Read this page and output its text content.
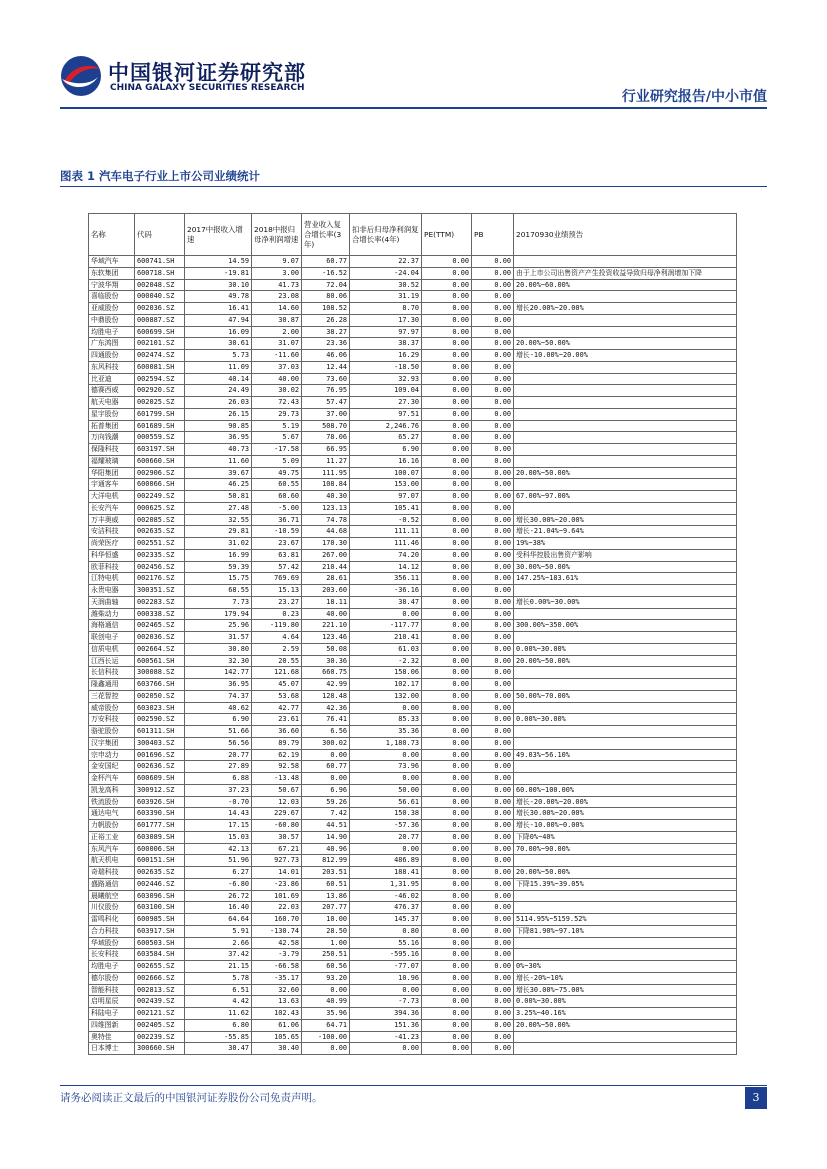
中国银河证券研究部
CHINA GALAXY SECURITIES RESEARCH
行业研究报告/中小市值
图表 1 汽车电子行业上市公司业绩统计
名称	代码	2017中报收入增速	2018中报归母净利润增速	营业收入复合增长率(3年)	扣非后归母净利润复合增长率(4年)	PE(TTM)	PB	20170930业绩预告
华域汽车	600741.SH	14.59	9.07	60.77	22.37	0.00	0.00	
东软集团	600718.SH	-19.81	3.00	-16.52	-24.04	0.00	0.00	由于上市公司出售资产产生投资收益导致归母净利润增加下降
宁波华翔	002048.SZ	30.10	41.73	72.04	30.52	0.00	0.00	20.00%~60.00%
喜临股份	000040.SZ	49.78	23.08	80.06	31.19	0.00	0.00	
亚威股份	002036.SZ	16.41	14.60	108.52	8.70	0.00	0.00	增长20.00%~20.00%
中鼎股份	000887.SZ	47.94	30.87	26.28	17.30	0.00	0.00	
均胜电子	600699.SH	16.09	2.00	38.27	97.97	0.00	0.00	
广东鸿图	002101.SZ	30.61	31.07	23.36	38.37	0.00	0.00	20.00%~50.00%
四通股份	002474.SZ	5.73	-11.60	46.06	16.29	0.00	0.00	增长-10.00%~20.00%
东风科技	600081.SH	11.09	37.03	12.44	-18.50	0.00	0.00	
比亚迪	002594.SZ	40.14	40.00	73.60	32.93	0.00	0.00	
德赛西威	002920.SZ	24.49	30.02	76.95	109.04	0.00	0.00	
航天电器	002025.SZ	26.03	72.43	57.47	27.30	0.00	0.00	
星宇股份	601799.SH	26.15	29.73	37.00	97.51	0.00	0.00	
拓普集团	601689.SH	90.85	5.19	508.70	2,246.76	0.00	0.00	
万向钱潮	000559.SZ	36.95	5.67	78.06	65.27	0.00	0.00	
保隆科技	603197.SH	40.73	-17.58	66.95	6.90	0.00	0.00	
福耀玻璃	600660.SH	11.60	5.09	11.27	16.16	0.00	0.00	
华阳集团	002906.SZ	39.67	49.75	111.95	100.07	0.00	0.00	20.00%~50.00%
宇通客车	600066.SH	46.25	60.55	108.84	153.00	0.00	0.00	
大洋电机	002249.SZ	50.81	60.60	40.30	97.07	0.00	0.00	67.00%~97.00%
长安汽车	000625.SZ	27.48	-5.00	123.13	105.41	0.00	0.00	
万丰奥威	002085.SZ	32.55	36.71	74.78	-0.52	0.00	0.00	增长30.00%~20.00%
安洁科技	002635.SZ	29.81	-10.59	44.68	111.11	0.00	0.00	增长-21.04%~9.64%
尚荣医疗	002551.SZ	31.02	23.67	170.30	111.46	0.00	0.00	19%~38%
科华恒盛	002335.SZ	16.99	63.81	267.00	74.20	0.00	0.00	受科华控股出售资产影响
欧菲科技	002456.SZ	59.39	57.42	210.44	14.12	0.00	0.00	30.00%~50.00%
江特电机	002176.SZ	15.75	769.69	28.61	356.11	0.00	0.00	147.25%~183.61%
永贵电器	300351.SZ	68.55	15.13	203.60	-36.16	0.00	0.00	
天润曲轴	002283.SZ	7.73	23.27	18.11	38.47	0.00	0.00	增长0.00%~30.00%
潍柴动力	000338.SZ	179.94	0.23	40.00	0.00	0.00	0.00	
海格通信	002465.SZ	25.96	-119.80	221.10	-117.77	0.00	0.00	300.00%~350.00%
联创电子	002036.SZ	31.57	4.64	123.46	210.41	0.00	0.00	
信质电机	002664.SZ	30.80	2.59	50.08	61.03	0.00	0.00	0.00%~30.00%
江西长运	600561.SH	32.30	20.55	30.36	-2.32	0.00	0.00	20.00%~50.00%
长信科技	300088.SZ	142.77	121.68	660.75	158.06	0.00	0.00	
隆鑫通用	603766.SH	36.95	45.07	42.99	102.17	0.00	0.00	
三花智控	002050.SZ	74.37	53.68	128.48	132.00	0.00	0.00	50.00%~70.00%
威帝股份	603023.SH	40.62	42.77	42.36	0.00	0.00	0.00	
万安科技	002590.SZ	6.90	23.61	76.41	85.33	0.00	0.00	0.00%~30.00%
骆驼股份	601311.SH	51.66	36.60	6.56	35.36	0.00	0.00	
汉宇集团	300403.SZ	56.56	89.79	300.02	1,180.73	0.00	0.00	
宗申动力	001696.SZ	20.77	62.19	0.00	0.00	0.00	0.00	49.03%~56.10%
金安国纪	002636.SZ	27.89	92.58	60.77	73.96	0.00	0.00	
金杯汽车	600609.SH	6.88	-13.48	0.00	0.00	0.00	0.00	
凯龙高科	300912.SZ	37.23	50.67	6.96	50.00	0.00	0.00	60.00%~100.00%
铁流股份	603926.SH	-0.70	12.03	59.26	56.61	0.00	0.00	增长-20.00%~20.00%
通达电气	603390.SH	14.43	229.67	7.42	150.38	0.00	0.00	增长30.00%~20.00%
力帆股份	601777.SH	17.15	-60.80	44.51	-57.36	0.00	0.00	增长-10.00%~0.00%
正裕工业	603089.SH	15.03	30.57	14.90	20.77	0.00	0.00	下降0%~40%
东风汽车	600006.SH	42.13	67.21	40.96	0.00	0.00	0.00	70.00%~90.00%
航天机电	600151.SH	51.96	927.73	812.99	486.89	0.00	0.00	
奇瑞科技	002635.SZ	6.27	14.01	203.51	188.41	0.00	0.00	20.00%~50.00%
盛路通信	002446.SZ	-6.80	-23.86	60.51	1,31.95	0.00	0.00	下降15.39%~39.05%
晨曦航空	603096.SH	26.72	101.69	13.86	-46.02	0.00	0.00	
川仪股份	603100.SH	16.40	22.03	207.77	476.37	0.00	0.00	
雷鸣科化	600985.SH	64.64	160.70	10.00	145.37	0.00	0.00	5114.95%~5159.52%
合力科技	603917.SH	5.91	-130.74	28.50	0.80	0.00	0.00	下降81.90%~97.10%
华域股份	600503.SH	2.66	42.58	1.00	55.16	0.00	0.00	
长安科技	603584.SH	37.42	-3.79	250.51	-595.16	0.00	0.00	
均胜电子	002655.SZ	21.15	-66.58	60.56	-77.07	0.00	0.00	0%~30%
德尔股份	002666.SZ	5.78	-35.17	93.20	10.96	0.00	0.00	增长-20%~10%
智能科技	002813.SZ	6.51	32.60	0.00	0.00	0.00	0.00	增长30.00%~75.00%
启明星辰	002439.SZ	4.42	13.63	40.99	-7.73	0.00	0.00	0.00%~30.00%
科陆电子	002121.SZ	11.62	102.43	35.96	394.36	0.00	0.00	3.25%~40.16%
四维图新	002405.SZ	6.80	61.06	64.71	151.36	0.00	0.00	20.00%~50.00%
奥特佳	002239.SZ	-55.85	105.65	-100.00	-41.23	0.00	0.00	
日本博士	300660.SH	30.47	30.40	0.00	0.00	0.00	0.00	
请务必阅读正文最后的中国银河证券股份公司免责声明。	3
